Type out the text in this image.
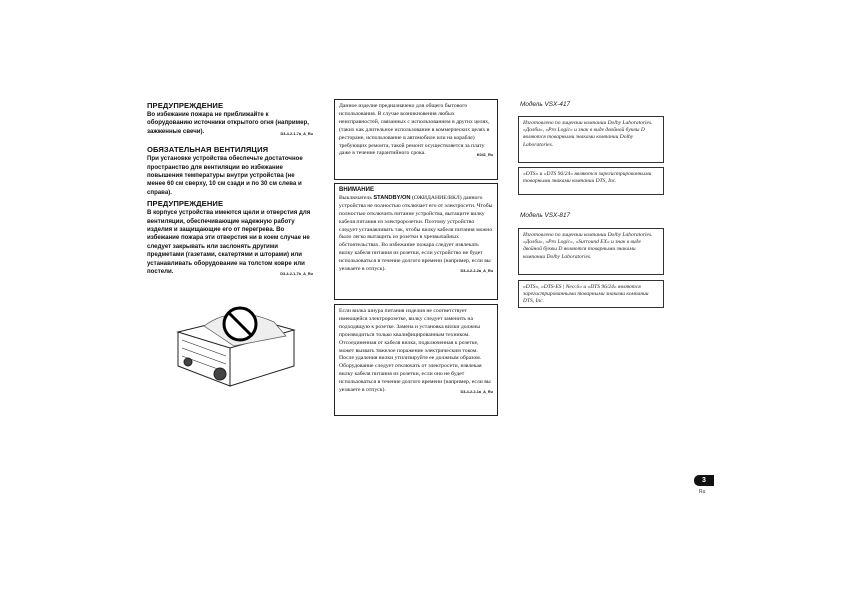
ПРЕДУПРЕЖДЕНИЕ

Во избежание пожара не приближайте к оборудованию источники открытого огня (например, зажженные свечи).	D3-4-2-1-7a_A_Ru

ОБЯЗАТЕЛЬНАЯ ВЕНТИЛЯЦИЯ

При установке устройства обеспечьте достаточное пространство для вентиляции во избежание повышения температуры внутри устройства (не менее 60 см сверху, 10 см сзади и по 30 см слева и справа).

ПРЕДУПРЕЖДЕНИЕ

В корпусе устройства имеются щели и отверстия для вентиляции, обеспечивающие надежную работу изделия и защищающие его от перегрева. Во избежание пожара эти отверстия ни в коем случае не следует закрывать или заслонять другими предметами (газетами, скатертями и шторами) или устанавливать оборудование на толстом ковре или постели.	D3-4-2-1-7b_A_Ru

Данное изделие предназначено для общего бытового использования. В случае возникновения любых неисправностей, связанных с использованием в других целях, (таких как длительное использование в коммерческих целях в ресторане, использование в автомобиле или на корабле) требующих ремонта, такой ремонт осуществляется за плату даже в течение гарантийного срока.	K041_Ru
ВНИМАНИЕ
Выключатель STANDBY/ON (ОЖИДАНИЕ/ВКЛ) данного устройства не полностью отключает его от электросети. Чтобы полностью отключить питание устройства, вытащите вилку кабеля питания из электророзетки. Поэтому устройство следует устанавливать так, чтобы вилку кабеля питания можно было легко вытащить из розетки в чрезвычайных обстоятельствах. Во избежание пожара следует извлекать вилку кабеля питания из розетки, если устройство не будет использоваться в течение долгого времени (например, если вы уезжаете в отпуск).	D3-4-2-2-2a_A_Ru
Если вилка шнура питания изделия не соответствует имеющейся электророзетке, вилку следует заменить на подходящую к розетке. Замена и установка вилки должны производиться только квалифицированным техником. Отсоединенная от кабеля вилка, подключенная к розетке, может вызвать тяжелое поражение электрическим током. После удаления вилки утилизируйте ее должным образом. Оборудование следует отключать от электросети, извлекая вилку кабеля питания из розетки, если оно не будет использоваться в течение долгого времени (например, если вы уезжаете в отпуск).	D3-4-2-2-1a_A_Ru
Модель VSX-417
Изготовлено по лицензии компании Dolby Laboratories. «Долби», «Pro Logic» и знак в виде двойной буквы D являются товарными знаками компании Dolby Laboratories.
«DTS» и «DTS 96/24» являются зарегистрированными товарными знаками компании DTS, Inc.
Модель VSX-817
Изготовлено по лицензии компании Dolby Laboratories. «Долби», «Pro Logic», «Surround EX» и знак в виде двойной буквы D являются товарными знаками компании Dolby Laboratories.
«DTS», «DTS-ES | Neo:6» и «DTS 96/24» являются зарегистрированными товарными знаками компании DTS, Inc.
3
Ru
